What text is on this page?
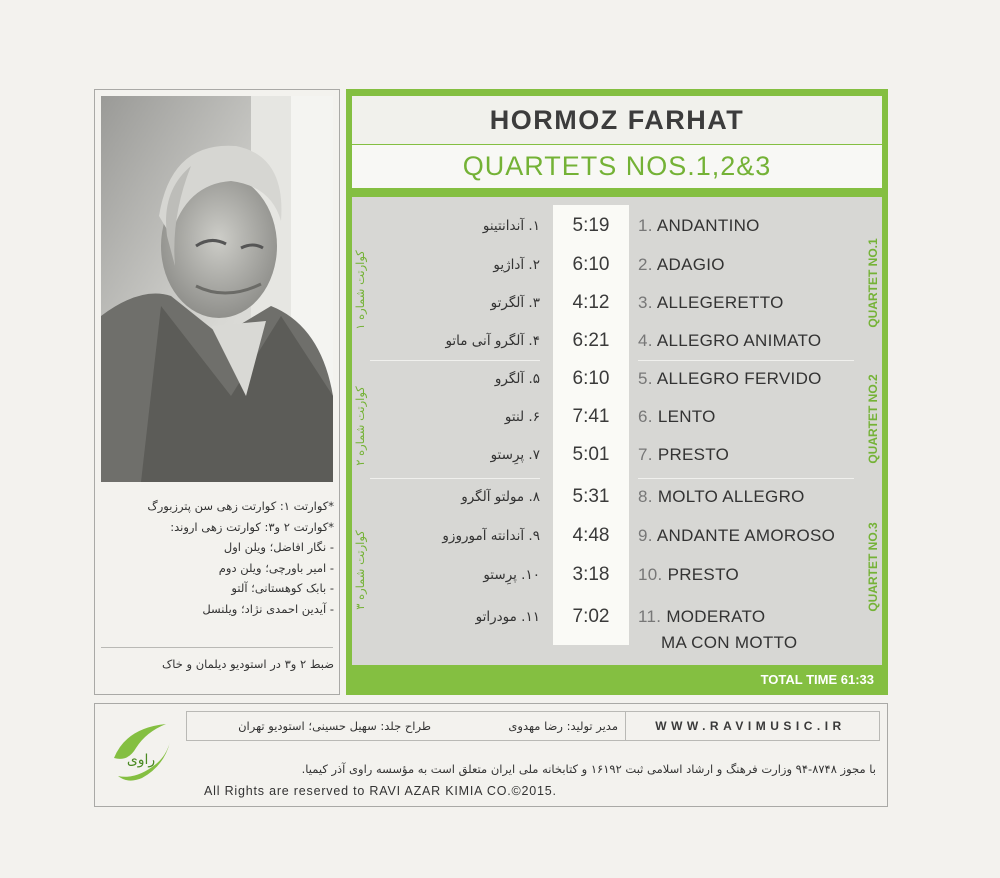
*کوارتت ۱: کوارتت زهی سن پترزبورگ
*کوارتت ۲ و۳: کوارتت زهی اروند:
- نگار افاضل؛ ویلن اول
- امیر باورچی؛ ویلن دوم
- بابک کوهستانی؛ آلتو
- آیدین احمدی نژاد؛ ویلنسل
ضبط ۲ و۳ در استودیو دیلمان و خاک
HORMOZ FARHAT
QUARTETS NOS.1,2&3
۱. آندانتینو	5:19	1. ANDANTINO
۲. آداژیو	6:10	2. ADAGIO
۳. آلگرتو	4:12	3. ALLEGERETTO
۴. آلگرو آنی ماتو	6:21	4. ALLEGRO ANIMATO
۵. آلگرو	6:10	5. ALLEGRO FERVIDO
۶. لنتو	7:41	6. LENTO
۷. پرِستو	5:01	7. PRESTO
۸. مولتو آلگرو	5:31	8. MOLTO ALLEGRO
۹. آندانته آموروزو	4:48	9. ANDANTE AMOROSO
۱۰. پرِستو	3:18	10. PRESTO
۱۱. مودراتو	7:02	11. MODERATO
MA CON MOTTO
QUARTET NO.1
QUARTET NO.2
QUARTET NO.3
کوارتت شماره ۱
کوارتت شماره ۲
کوارتت شماره ۳
TOTAL TIME 61:33
راوی
طراح جلد: سهیل حسینی؛ استودیو تهران	مدیر تولید: رضا مهدوی	WWW.RAVIMUSIC.IR
با مجوز ۸۷۴۸-۹۴ وزارت فرهنگ و ارشاد اسلامی ثبت ۱۶۱۹۲ و کتابخانه ملی ایران متعلق است به مؤسسه راوی آذر کیمیا.
All Rights are reserved to RAVI AZAR KIMIA CO.©2015.
